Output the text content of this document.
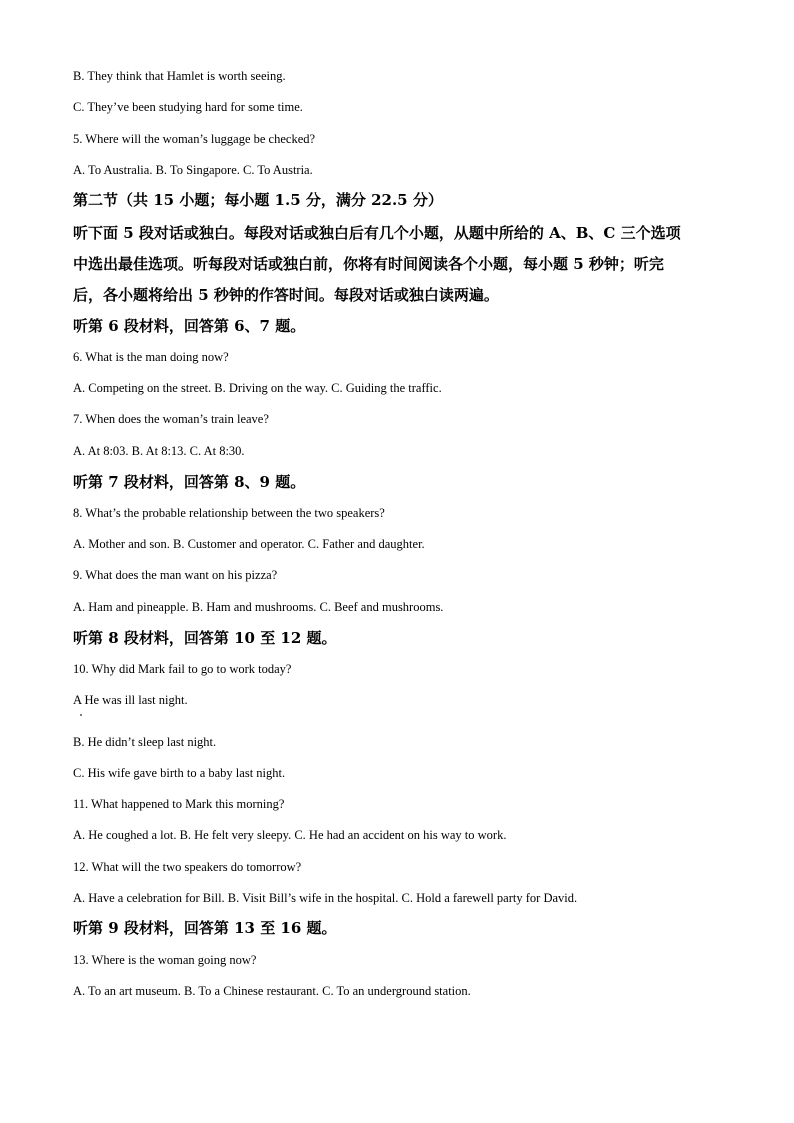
B. They think that Hamlet is worth seeing.
C. They’ve been studying hard for some time.
5. Where will the woman’s luggage be checked?
A. To Australia. B. To Singapore. C. To Austria.
第二节（共 15 小题；每小题 1.5 分，满分 22.5 分）
听下面 5 段对话或独白。每段对话或独白后有几个小题，从题中所给的 A、B、C 三个选项
中选出最佳选项。听每段对话或独白前，你将有时间阅读各个小题，每小题 5 秒钟；听完
后，各小题将给出 5 秒钟的作答时间。每段对话或独白读两遍。
听第 6 段材料，回答第 6、7 题。
6. What is the man doing now?
A. Competing on the street. B. Driving on the way. C. Guiding the traffic.
7. When does the woman’s train leave?
A. At 8:03. B. At 8:13. C. At 8:30.
听第 7 段材料，回答第 8、9 题。
8. What’s the probable relationship between the two speakers?
A. Mother and son. B. Customer and operator. C. Father and daughter.
9. What does the man want on his pizza?
A. Ham and pineapple. B. Ham and mushrooms. C. Beef and mushrooms.
听第 8 段材料，回答第 10 至 12 题。
10. Why did Mark fail to go to work today?
A He was ill last night.
B. He didn’t sleep last night.
C. His wife gave birth to a baby last night.
11. What happened to Mark this morning?
A. He coughed a lot. B. He felt very sleepy. C. He had an accident on his way to work.
12. What will the two speakers do tomorrow?
A. Have a celebration for Bill. B. Visit Bill’s wife in the hospital. C. Hold a farewell party for David.
听第 9 段材料，回答第 13 至 16 题。
13. Where is the woman going now?
A. To an art museum. B. To a Chinese restaurant. C. To an underground station.
